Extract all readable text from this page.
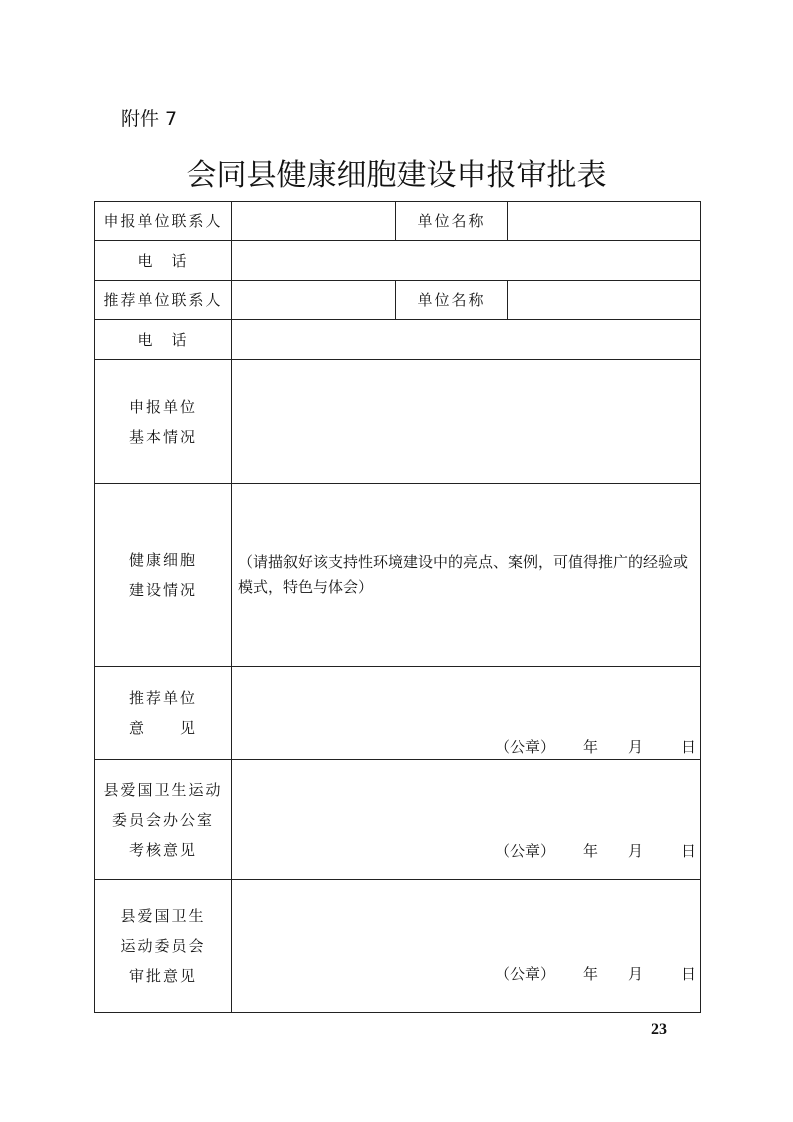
附件 7
会同县健康细胞建设申报审批表
申报单位联系人		单位名称	
电　话			
推荐单位联系人		单位名称	
电　话			

申报单位
基本情况			

健康细胞
建设情况	（请描叙好该支持性环境建设中的亮点、案例，可值得推广的经验或模式，特色与体会）		

推荐单位
意　　见	（公章） 年 月 日		

县爱国卫生运动
委员会办公室
考核意见	（公章） 年 月 日		

县爱国卫生
运动委员会
审批意见	（公章） 年 月 日		
23
